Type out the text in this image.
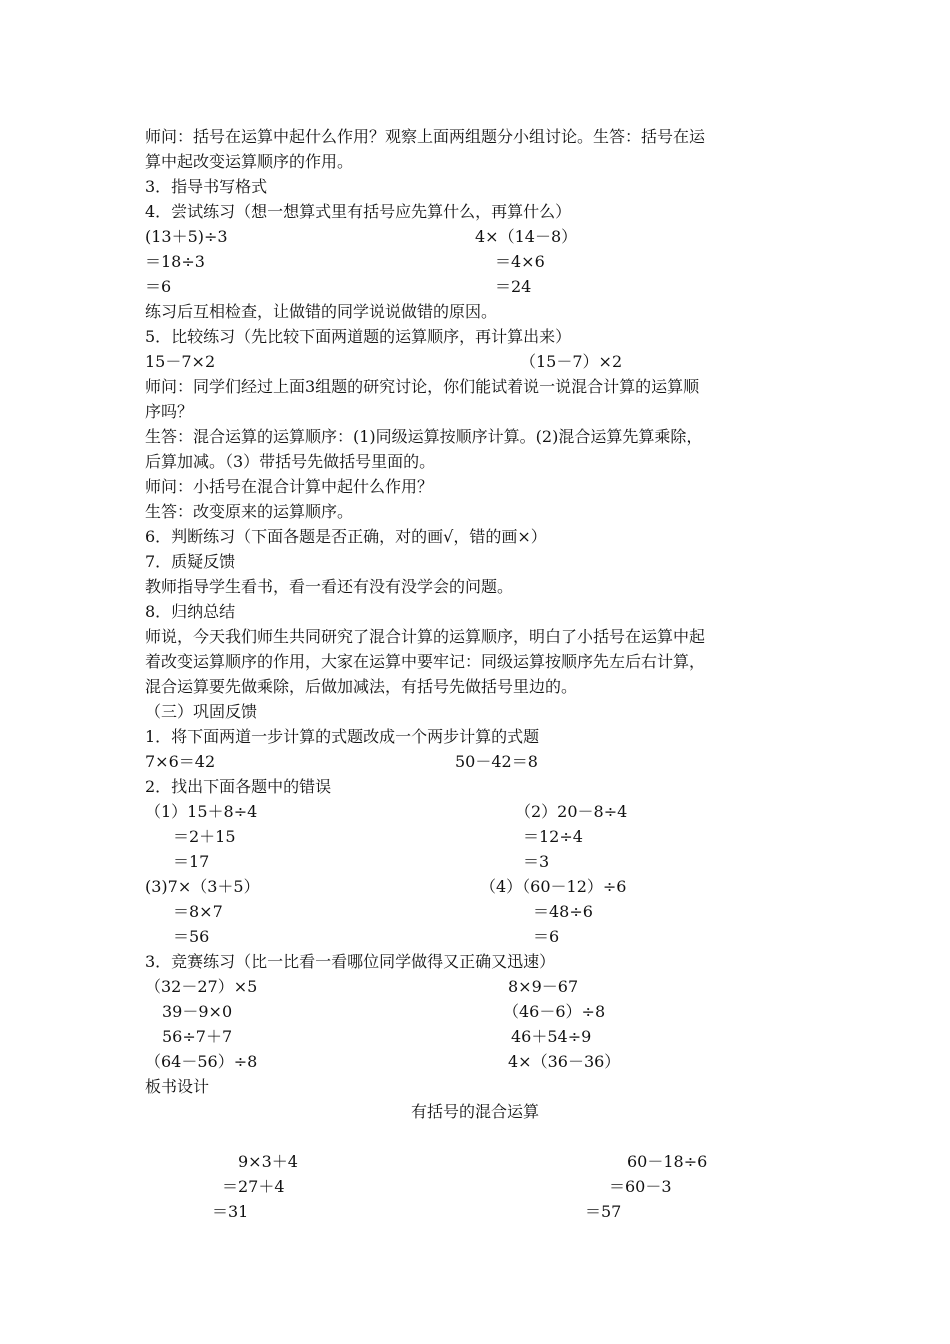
师问：括号在运算中起什么作用？观察上面两组题分小组讨论。生答：括号在运
算中起改变运算顺序的作用。
3．指导书写格式
4．尝试练习（想一想算式里有括号应先算什么，再算什么）
(13＋5)÷3
＝18÷3
＝6
4×（14－8）
＝4×6
＝24
练习后互相检查，让做错的同学说说做错的原因。
5．比较练习（先比较下面两道题的运算顺序，再计算出来）
15－7×2	（15－7）×2
师问：同学们经过上面3组题的研究讨论，你们能试着说一说混合计算的运算顺
序吗？
生答：混合运算的运算顺序：(1)同级运算按顺序计算。(2)混合运算先算乘除，
后算加减。（3）带括号先做括号里面的。
师问：小括号在混合计算中起什么作用？
生答：改变原来的运算顺序。
6．判断练习（下面各题是否正确，对的画√，错的画×）
7．质疑反馈
教师指导学生看书，看一看还有没有没学会的问题。
8．归纳总结
师说，今天我们师生共同研究了混合计算的运算顺序，明白了小括号在运算中起
着改变运算顺序的作用，大家在运算中要牢记：同级运算按顺序先左后右计算，
混合运算要先做乘除，后做加减法，有括号先做括号里边的。
（三）巩固反馈
1．将下面两道一步计算的式题改成一个两步计算的式题
7×6＝42	50－42＝8
2．找出下面各题中的错误
（1）15＋8÷4
＝2＋15
＝17
（2）20－8÷4
＝12÷4
＝3
(3)7×（3＋5）
＝8×7
＝56
（4）（60－12）÷6
＝48÷6
＝6
3．竞赛练习（比一比看一看哪位同学做得又正确又迅速）
（32－27）×5
39－9×0
56÷7＋7
（64－56）÷8
8×9－67
（46－6）÷8
46＋54÷9
4×（36－36）
板书设计
有括号的混合运算
9×3＋4
＝27＋4
＝31
60－18÷6
＝60－3
＝57
